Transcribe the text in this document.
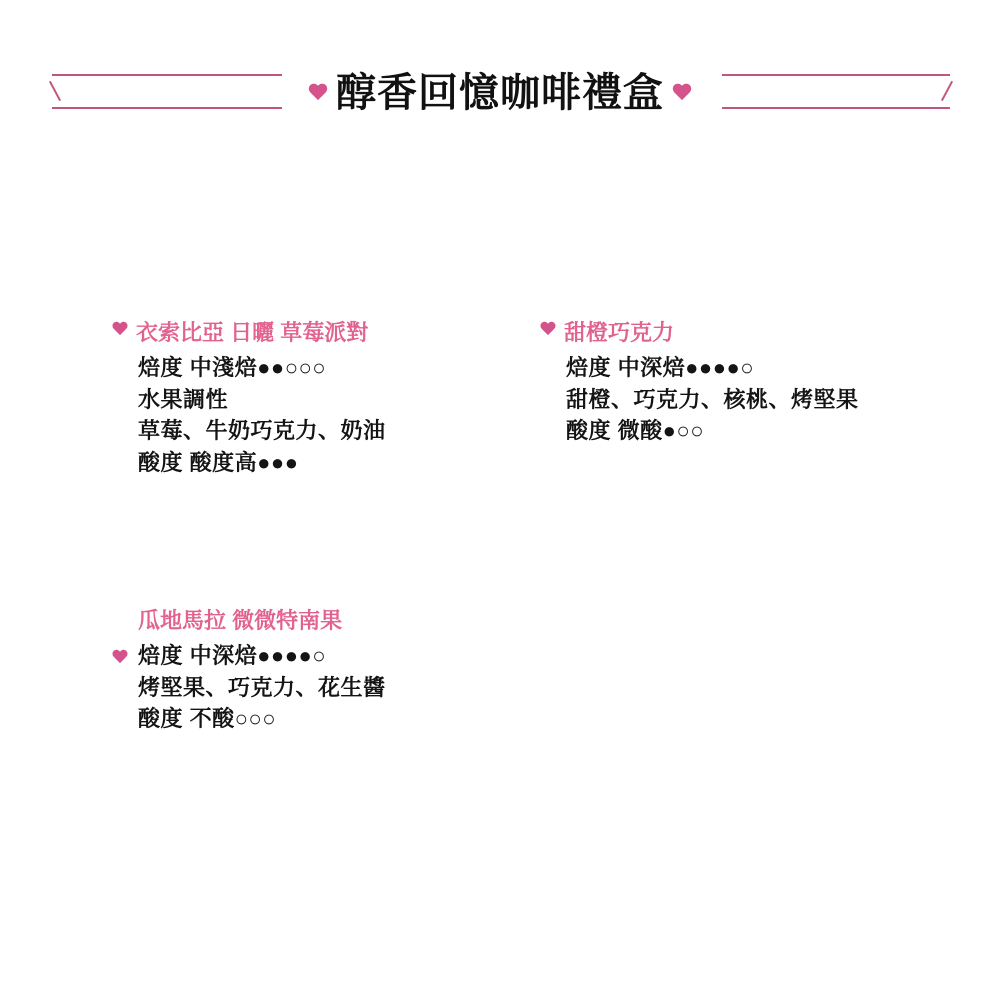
醇香回憶咖啡禮盒
衣索比亞 日曬 草莓派對
焙度 中淺焙●●○○○
水果調性
草莓、牛奶巧克力、奶油
酸度 酸度高●●●
甜橙巧克力
焙度 中深焙●●●●○
甜橙、巧克力、核桃、烤堅果
酸度 微酸●○○
瓜地馬拉 微微特南果
焙度 中深焙●●●●○
烤堅果、巧克力、花生醬
酸度 不酸○○○
